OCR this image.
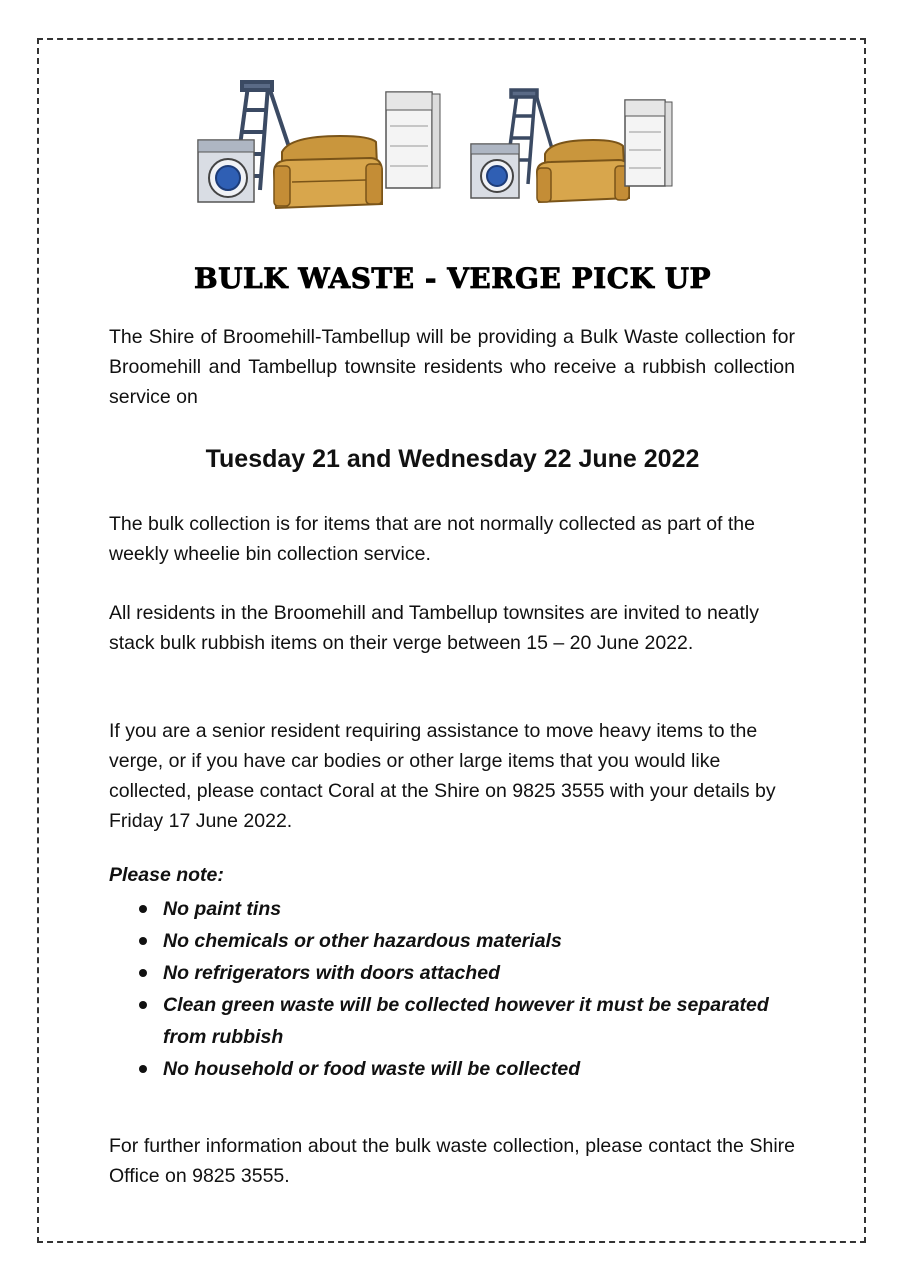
BULK WASTE - VERGE PICK UP
The Shire of Broomehill-Tambellup will be providing a Bulk Waste collection for Broomehill and Tambellup townsite residents who receive a rubbish collection service on
Tuesday 21 and Wednesday 22 June 2022
The bulk collection is for items that are not normally collected as part of the weekly wheelie bin collection service.
All residents in the Broomehill and Tambellup townsites are invited to neatly stack bulk rubbish items on their verge between 15 – 20 June 2022.
If you are a senior resident requiring assistance to move heavy items to the verge, or if you have car bodies or other large items that you would like collected, please contact Coral at the Shire on 9825 3555 with your details by Friday 17 June 2022.
Please note:
No paint tins
No chemicals or other hazardous materials
No refrigerators with doors attached
Clean green waste will be collected however it must be separated from rubbish
No household or food waste will be collected
For further information about the bulk waste collection, please contact the Shire Office on 9825 3555.
